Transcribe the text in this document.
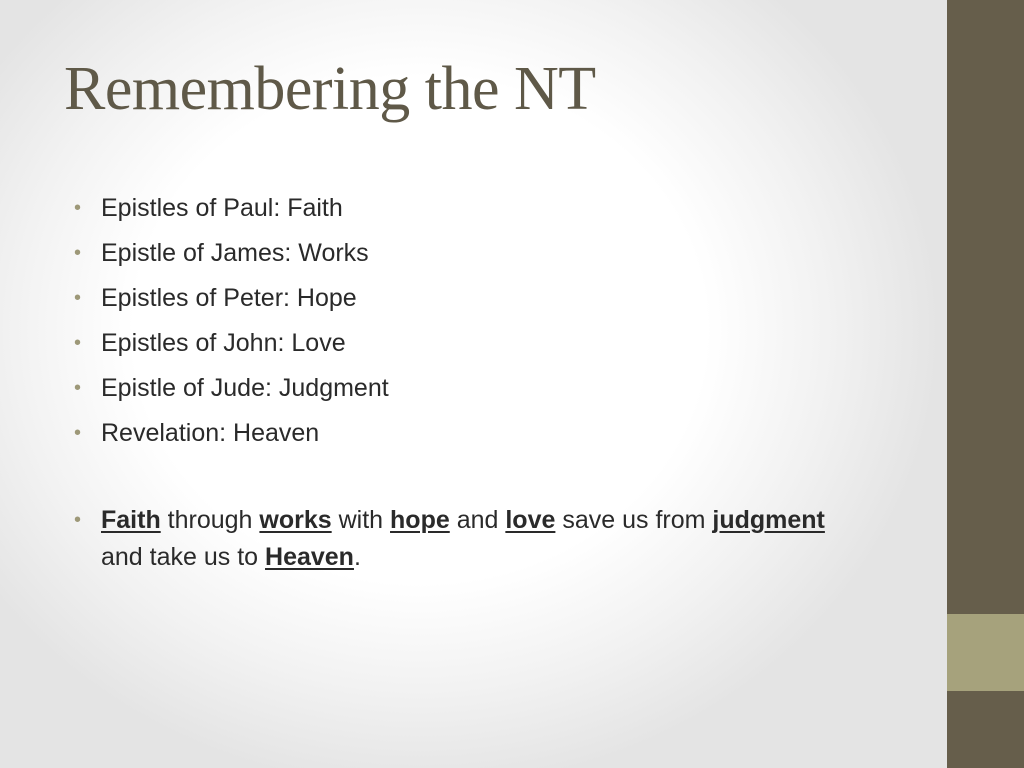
Remembering the NT
• Epistles of Paul: Faith
• Epistle of James: Works
• Epistles of Peter: Hope
• Epistles of John: Love
• Epistle of Jude: Judgment
• Revelation: Heaven

• Faith through works with hope and love save us from judgment and take us to Heaven.
